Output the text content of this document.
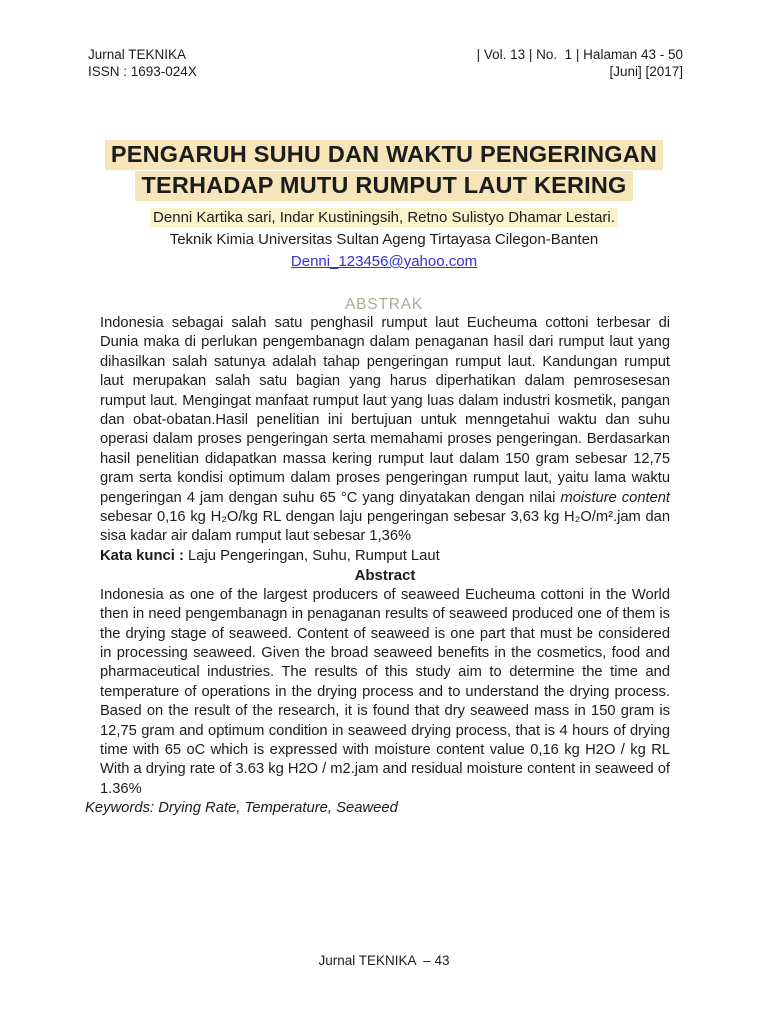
Jurnal TEKNIKA
ISSN : 1693-024X
| Vol. 13 | No.  1 | Halaman 43 - 50
[Juni] [2017]
PENGARUH SUHU DAN WAKTU PENGERINGAN
TERHADAP MUTU RUMPUT LAUT KERING
Denni Kartika sari, Indar Kustiningsih, Retno Sulistyo Dhamar Lestari.
Teknik Kimia Universitas Sultan Ageng Tirtayasa Cilegon-Banten
Denni_123456@yahoo.com
ABSTRAK

Indonesia sebagai salah satu penghasil rumput laut Eucheuma cottoni terbesar di Dunia maka di perlukan pengembanagn dalam penaganan hasil dari rumput laut yang dihasilkan salah satunya adalah tahap pengeringan rumput laut. Kandungan rumput laut merupakan salah satu bagian yang harus diperhatikan dalam pemrosesesan rumput laut. Mengingat manfaat rumput laut yang luas dalam industri kosmetik, pangan dan obat-obatan.Hasil penelitian ini bertujuan untuk menngetahui waktu dan suhu operasi dalam proses pengeringan serta memahami proses pengeringan. Berdasarkan hasil penelitian didapatkan massa kering rumput laut dalam 150 gram sebesar 12,75 gram serta kondisi optimum dalam proses pengeringan rumput laut, yaitu lama waktu pengeringan 4 jam dengan suhu 65 °C yang dinyatakan dengan nilai moisture content sebesar 0,16 kg H₂O/kg RL dengan laju pengeringan sebesar 3,63 kg H₂O/m².jam dan sisa kadar air dalam rumput laut sebesar 1,36%

Kata kunci : Laju Pengeringan, Suhu, Rumput Laut

Abstract

Indonesia as one of the largest producers of seaweed Eucheuma cottoni in the World then in need pengembanagn in penaganan results of seaweed produced one of them is the drying stage of seaweed. Content of seaweed is one part that must be considered in processing seaweed. Given the broad seaweed benefits in the cosmetics, food and pharmaceutical industries. The results of this study aim to determine the time and temperature of operations in the drying process and to understand the drying process. Based on the result of the research, it is found that dry seaweed mass in 150 gram is 12,75 gram and optimum condition in seaweed drying process, that is 4 hours of drying time with 65 oC which is expressed with moisture content value 0,16 kg H2O / kg RL With a drying rate of 3.63 kg H2O / m2.jam and residual moisture content in seaweed of 1.36%

Keywords: Drying Rate, Temperature, Seaweed

Jurnal TEKNIKA  – 43
